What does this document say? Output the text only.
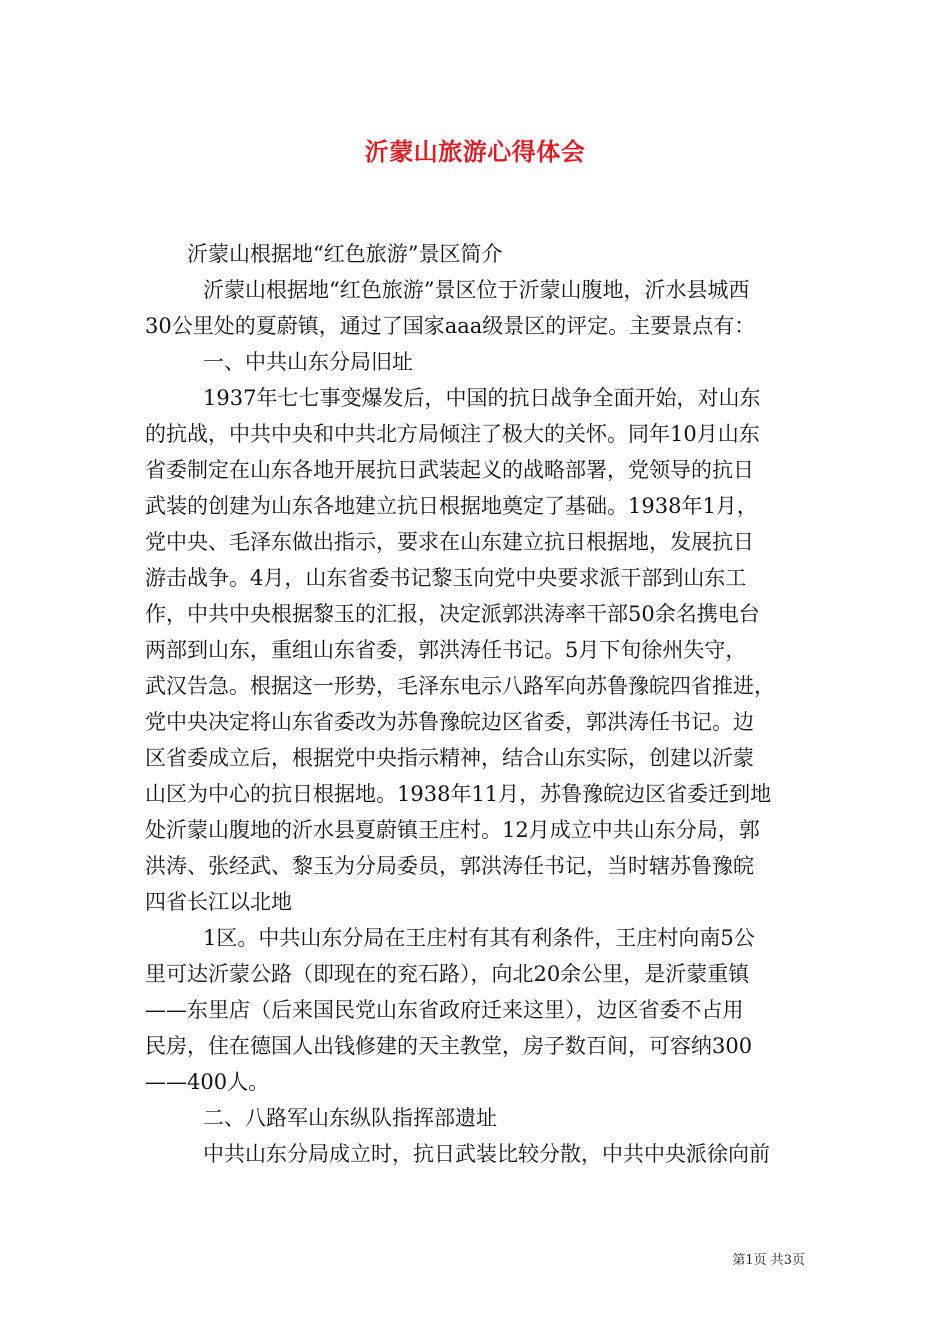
沂蒙山旅游心得体会
沂蒙山根据地“红色旅游”景区简介
沂蒙山根据地“红色旅游”景区位于沂蒙山腹地，沂水县城西
30公里处的夏蔚镇，通过了国家aaa级景区的评定。主要景点有：
一、中共山东分局旧址
1937年七七事变爆发后，中国的抗日战争全面开始，对山东
的抗战，中共中央和中共北方局倾注了极大的关怀。同年10月山东
省委制定在山东各地开展抗日武装起义的战略部署，党领导的抗日
武装的创建为山东各地建立抗日根据地奠定了基础。1938年1月，
党中央、毛泽东做出指示，要求在山东建立抗日根据地，发展抗日
游击战争。4月，山东省委书记黎玉向党中央要求派干部到山东工
作，中共中央根据黎玉的汇报，决定派郭洪涛率干部50余名携电台
两部到山东，重组山东省委，郭洪涛任书记。5月下旬徐州失守，
武汉告急。根据这一形势，毛泽东电示八路军向苏鲁豫皖四省推进，
党中央决定将山东省委改为苏鲁豫皖边区省委，郭洪涛任书记。边
区省委成立后，根据党中央指示精神，结合山东实际，创建以沂蒙
山区为中心的抗日根据地。1938年11月，苏鲁豫皖边区省委迁到地
处沂蒙山腹地的沂水县夏蔚镇王庄村。12月成立中共山东分局，郭
洪涛、张经武、黎玉为分局委员，郭洪涛任书记，当时辖苏鲁豫皖
四省长江以北地
1区。中共山东分局在王庄村有其有利条件，王庄村向南5公
里可达沂蒙公路（即现在的兖石路），向北20余公里，是沂蒙重镇
——东里店（后来国民党山东省政府迁来这里），边区省委不占用
民房，住在德国人出钱修建的天主教堂，房子数百间，可容纳300
——400人。
二、八路军山东纵队指挥部遗址
中共山东分局成立时，抗日武装比较分散，中共中央派徐向前
第1页 共3页
